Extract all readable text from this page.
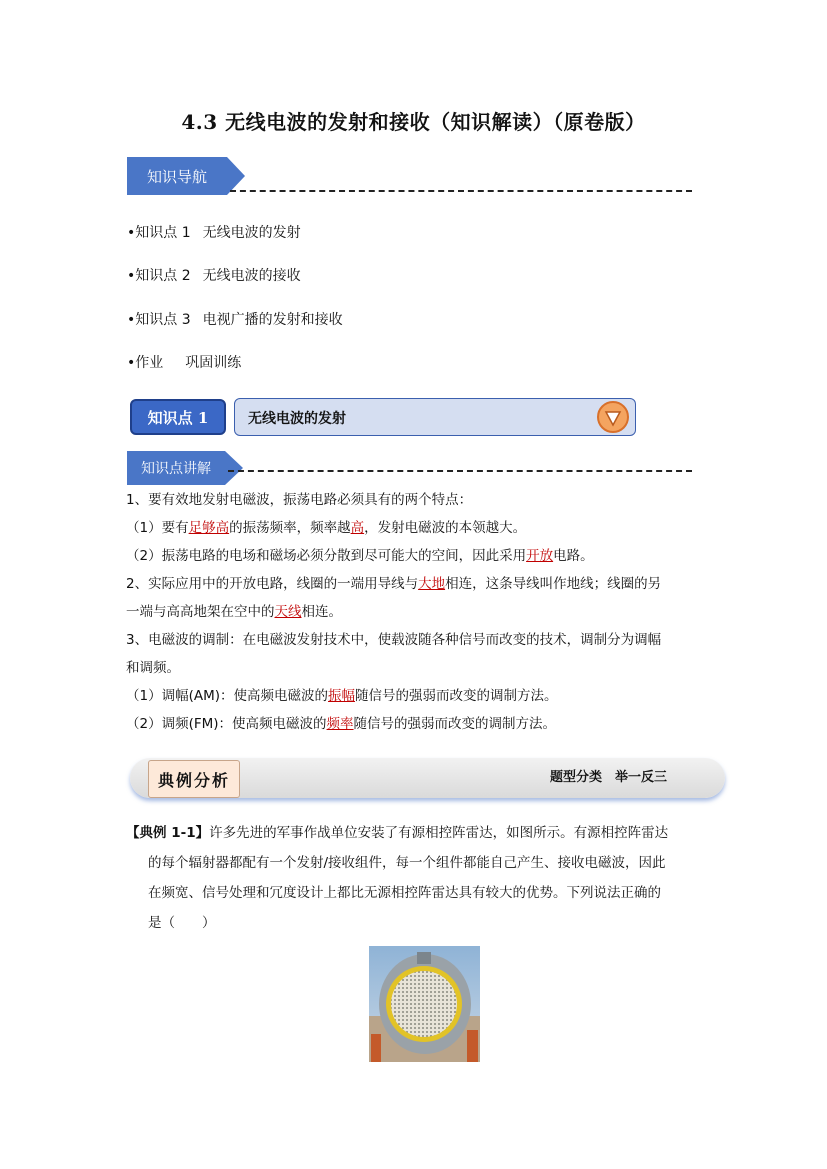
4.3 无线电波的发射和接收（知识解读）（原卷版）
知识导航
•知识点 1 无线电波的发射
•知识点 2 无线电波的接收
•知识点 3 电视广播的发射和接收
•作业 巩固训练
知识点 1	无线电波的发射
知识点讲解

1、要有效地发射电磁波，振荡电路必须具有的两个特点：

（1）要有足够高的振荡频率，频率越高，发射电磁波的本领越大。

（2）振荡电路的电场和磁场必须分散到尽可能大的空间，因此采用开放电路。

2、实际应用中的开放电路，线圈的一端用导线与大地相连，这条导线叫作地线；线圈的另

一端与高高地架在空中的天线相连。

3、电磁波的调制：在电磁波发射技术中，使载波随各种信号而改变的技术，调制分为调幅

和调频。

（1）调幅(AM)：使高频电磁波的振幅随信号的强弱而改变的调制方法。

（2）调频(FM)：使高频电磁波的频率随信号的强弱而改变的调制方法。

典例分析	题型分类　举一反三
【典例 1-1】许多先进的军事作战单位安装了有源相控阵雷达，如图所示。有源相控阵雷达
的每个辐射器都配有一个发射/接收组件，每一个组件都能自己产生、接收电磁波，因此
在频宽、信号处理和冗度设计上都比无源相控阵雷达具有较大的优势。下列说法正确的
是（　　）
